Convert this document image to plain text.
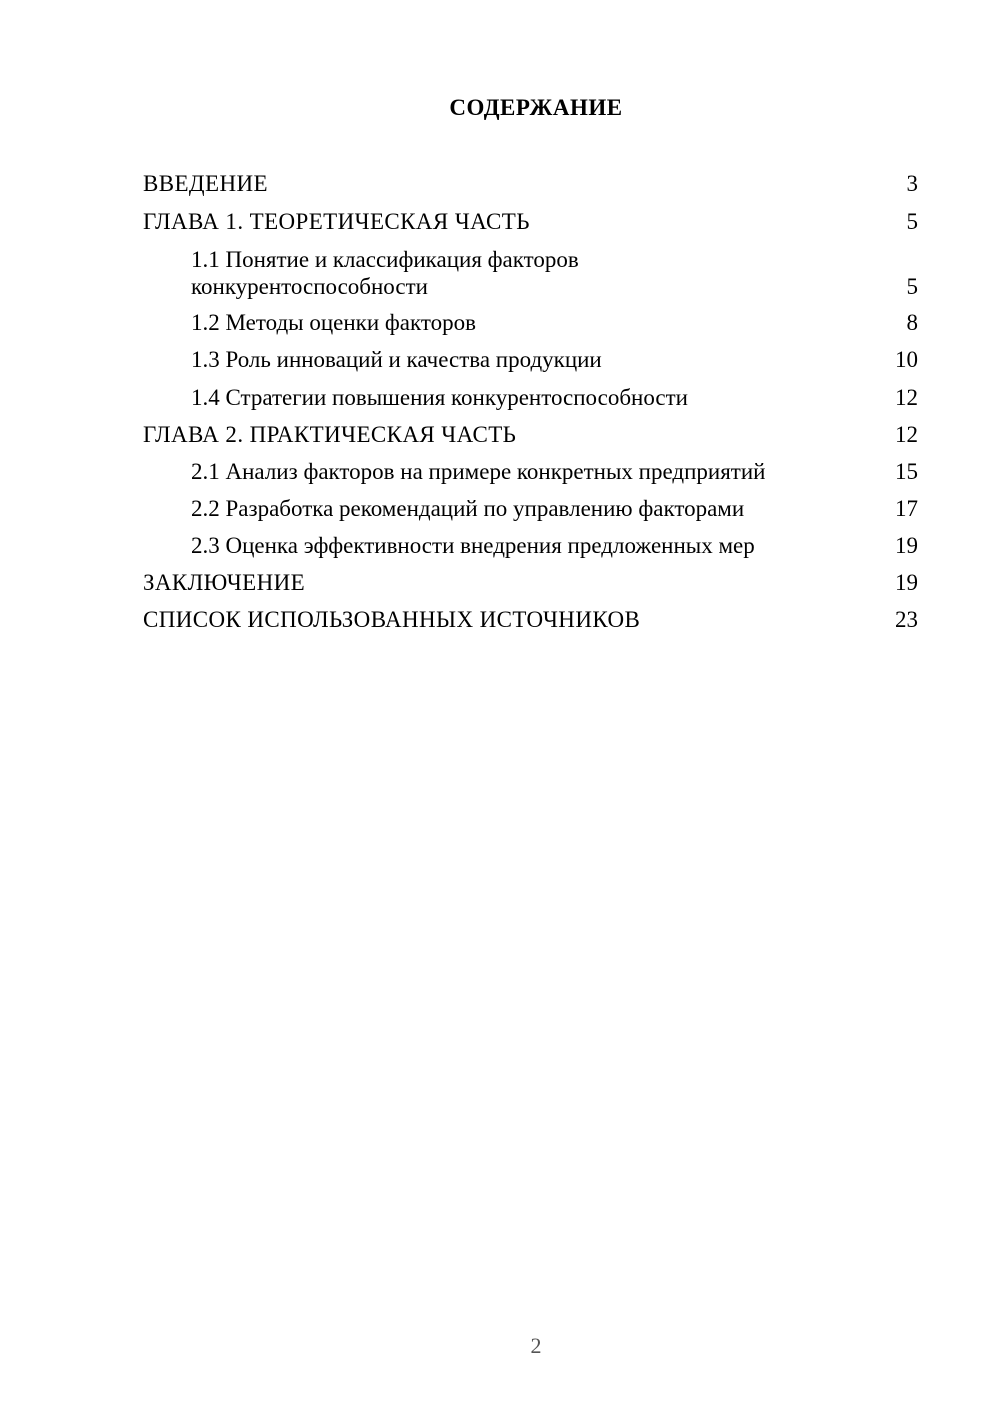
СОДЕРЖАНИЕ
ВВЕДЕНИЕ	3
ГЛАВА 1. ТЕОРЕТИЧЕСКАЯ ЧАСТЬ	5
1.1 Понятие и классификация факторов
конкурентоспособности	5
1.2 Методы оценки факторов	8
1.3 Роль инноваций и качества продукции	10
1.4 Стратегии повышения конкурентоспособности	12
ГЛАВА 2. ПРАКТИЧЕСКАЯ ЧАСТЬ	12
2.1 Анализ факторов на примере конкретных предприятий	15
2.2 Разработка рекомендаций по управлению факторами	17
2.3 Оценка эффективности внедрения предложенных мер	19
ЗАКЛЮЧЕНИЕ	19
СПИСОК ИСПОЛЬЗОВАННЫХ ИСТОЧНИКОВ	23
2
